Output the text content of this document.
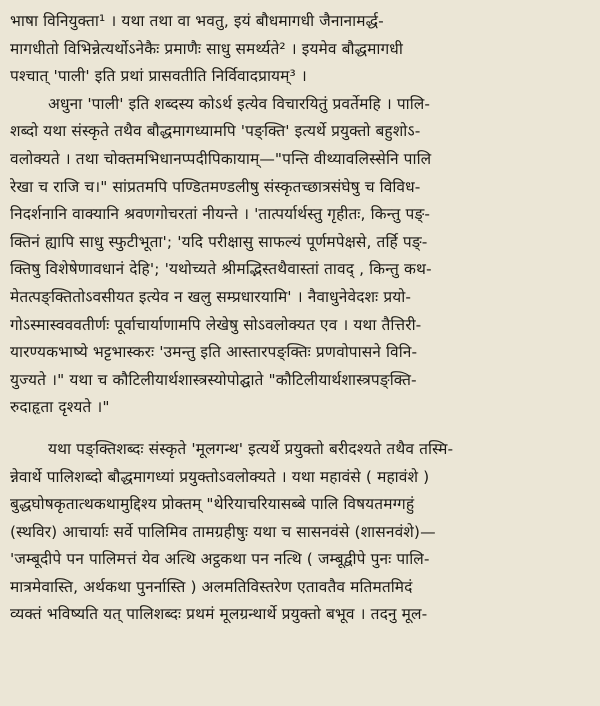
भाषा विनियुक्ता¹ । यथा तथा वा भवतु, इयं बौधमागधी जैनानामर्द्ध-
मागधीतो विभिन्नेत्यर्थोऽनेकैः प्रमाणैः साधु समर्थ्यते² । इयमेव बौद्धमागधी
पश्चात् 'पाली' इति प्रथां प्रासवतीति निर्विवादप्रायम्³ ।
अधुना 'पाली' इति शब्दस्य कोऽर्थ इत्येव विचारयितुं प्रवर्तेमहि । पालि-
शब्दो यथा संस्कृते तथैव बौद्धमागध्यामपि 'पङ्क्ति' इत्यर्थे प्रयुक्तो बहुशोऽ-
वलोक्यते । तथा चोक्तमभिधानप्पदीपिकायाम्—"पन्ति वीथ्यावलिस्सेनि पालि
रेखा च राजि च।" सांप्रतमपि पण्डितमण्डलीषु संस्कृतच्छात्रसंघेषु च विविध-
निदर्शनानि वाक्यानि श्रवणगोचरतां नीयन्ते । 'तात्पर्यार्थस्तु गृहीतः, किन्तु पङ्-
क्तिनं ह्यापि साधु स्फुटीभूता'; 'यदि परीक्षासु साफल्यं पूर्णमपेक्षसे, तर्हि पङ्-
क्तिषु विशेषेणावधानं देहि'; 'यथोच्यते श्रीमद्भिस्तथैवास्तां तावद् , किन्तु कथ-
मेतत्पङ्क्तितोऽवसीयत इत्येव न खलु सम्प्रधारयामि' । नैवाधुनेवेदशः प्रयो-
गोऽस्मास्वववतीर्णः पूर्वाचार्याणामपि लेखेषु सोऽवलोक्यत एव । यथा तैत्तिरी-
यारण्यकभाष्ये भट्टभास्करः 'उमन्तु इति आस्तारपङ्क्तिः प्रणवोपासने विनि-
युज्यते ।" यथा च कौटिलीयार्थशास्त्रस्योपोद्घाते "कौटिलीयार्थशास्त्रपङ्क्ति-
रुदाहृता दृश्यते ।"
यथा पङ्क्तिशब्दः संस्कृते 'मूलगन्थ' इत्यर्थे प्रयुक्तो बरीदश्यते तथैव तस्मि-
न्नेवार्थे पालिशब्दो बौद्धमागध्यां प्रयुक्तोऽवलोक्यते । यथा महावंसे ( महावंशे )
बुद्धघोषकृतात्थकथामुद्दिश्य प्रोक्तम् "थेरियाचरियासब्बे पालि विषयतमग्गहुं
(स्थविर) आचार्याः सर्वे पालिमिव तामग्रहीषुः यथा च सासनवंसे (शासनवंशे)—
'जम्बूदीपे पन पालिमत्तं येव अत्थि अट्ठकथा पन नत्थि ( जम्बूद्वीपे पुनः पालि-
मात्रमेवास्ति, अर्थकथा पुनर्नास्ति ) अलमतिविस्तरेण एतावतैव मतिमतमिदं
व्यक्तं भविष्यति यत् पालिशब्दः प्रथमं मूलग्रन्थार्थे प्रयुक्तो बभूव । तदनु मूल-
